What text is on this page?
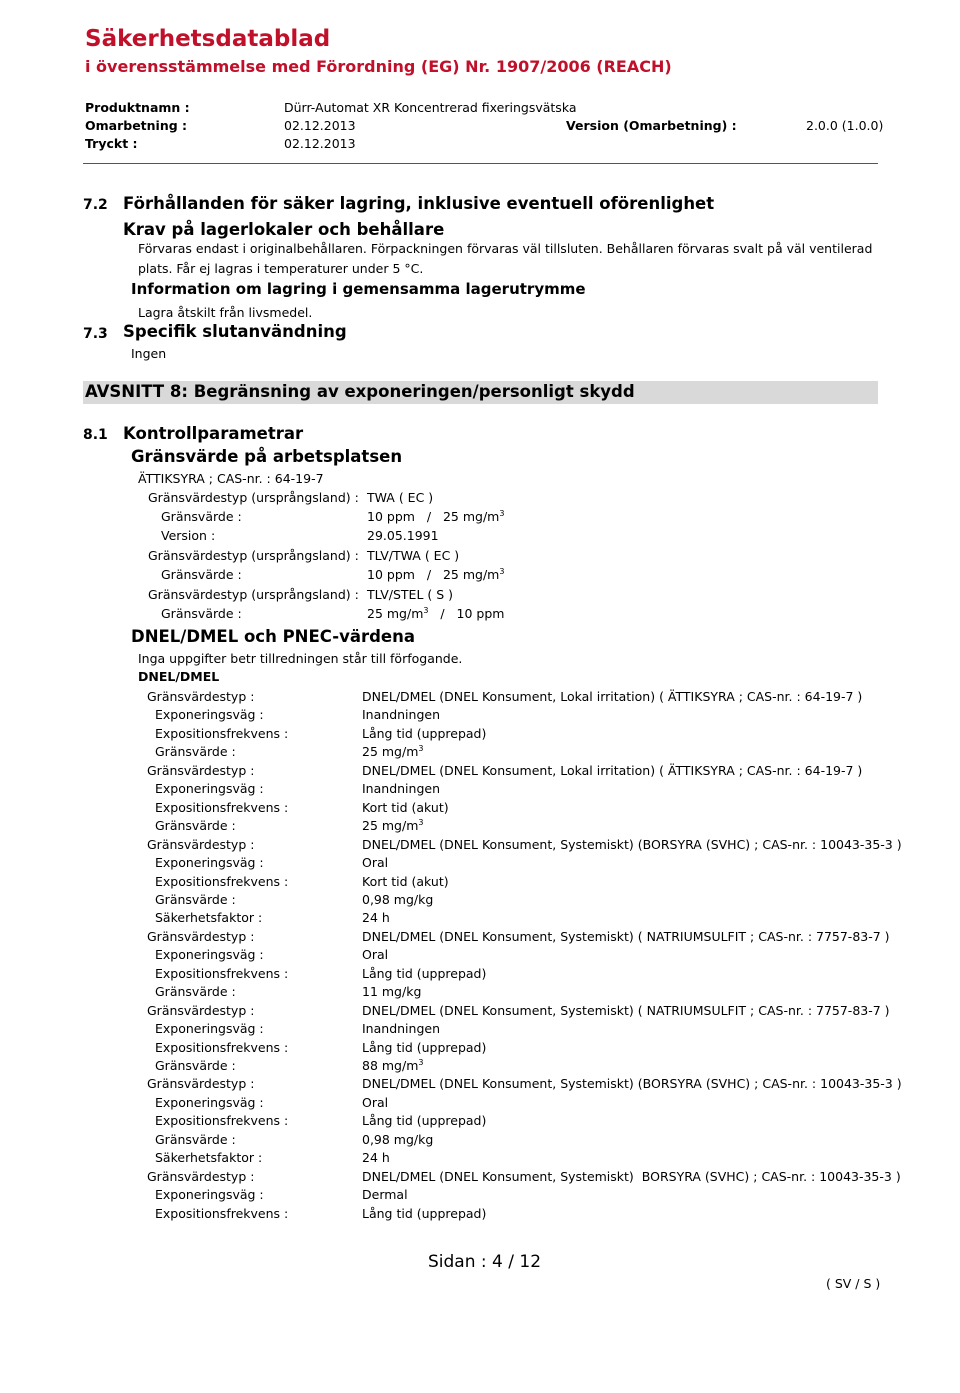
Säkerhetsdatablad
i överensstämmelse med Förordning (EG) Nr. 1907/2006 (REACH)
Produktnamn :	Dürr-Automat XR Koncentrerad fixeringsvätska
Omarbetning :	02.12.2013	Version (Omarbetning) :	2.0.0 (1.0.0)
Tryckt :	02.12.2013
7.2 Förhållanden för säker lagring, inklusive eventuell oförenlighet
Krav på lagerlokaler och behållare
Förvaras endast i originalbehållaren. Förpackningen förvaras väl tillsluten. Behållaren förvaras svalt på väl ventilerad
plats. Får ej lagras i temperaturer under 5 °C.
Information om lagring i gemensamma lagerutrymme
Lagra åtskilt från livsmedel.
7.3 Specifik slutanvändning
Ingen
AVSNITT 8: Begränsning av exponeringen/personligt skydd
8.1 Kontrollparametrar
Gränsvärde på arbetsplatsen
ÄTTIKSYRA ; CAS-nr. : 64-19-7
Gränsvärdestyp (ursprångsland) : TWA ( EC )
Gränsvärde :	10 ppm   /   25 $mg/m^3$
Version :	29.05.1991
Gränsvärdestyp (ursprångsland) : TLV/TWA ( EC )
Gränsvärde :	10 ppm   /   25 $mg/m^3$
Gränsvärdestyp (ursprångsland) : TLV/STEL ( S )
Gränsvärde :	25 $mg/m^3 / 10$ ppm
DNEL/DMEL och PNEC-värdena
Inga uppgifter betr tillredningen står till förfogande.
DNEL/DMEL
Gränsvärdestyp :	DNEL/DMEL (DNEL Konsument, Lokal irritation) ( ÄTTIKSYRA ; CAS-nr. : 64-19-7 )
Exponeringsväg :	Inandningen
Expositionsfrekvens :	Lång tid (upprepad)
Gränsvärde :	25 $mg/m^3$
Gränsvärdestyp :	DNEL/DMEL (DNEL Konsument, Lokal irritation) ( ÄTTIKSYRA ; CAS-nr. : 64-19-7 )
Exponeringsväg :	Inandningen
Expositionsfrekvens :	Kort tid (akut)
Gränsvärde :	25 $mg/m^3$
Gränsvärdestyp :	DNEL/DMEL (DNEL Konsument, Systemiskt) (BORSYRA (SVHC) ; CAS-nr. : 10043-35-3 )
Exponeringsväg :	Oral
Expositionsfrekvens :	Kort tid (akut)
Gränsvärde :	0,98 mg/kg
Säkerhetsfaktor :	24 h
Gränsvärdestyp :	DNEL/DMEL (DNEL Konsument, Systemiskt) ( NATRIUMSULFIT ; CAS-nr. : 7757-83-7 )
Exponeringsväg :	Oral
Expositionsfrekvens :	Lång tid (upprepad)
Gränsvärde :	11 mg/kg
Gränsvärdestyp :	DNEL/DMEL (DNEL Konsument, Systemiskt) ( NATRIUMSULFIT ; CAS-nr. : 7757-83-7 )
Exponeringsväg :	Inandningen
Expositionsfrekvens :	Lång tid (upprepad)
Gränsvärde :	88 $mg/m^3$
Gränsvärdestyp :	DNEL/DMEL (DNEL Konsument, Systemiskt) (BORSYRA (SVHC) ; CAS-nr. : 10043-35-3 )
Exponeringsväg :	Oral
Expositionsfrekvens :	Lång tid (upprepad)
Gränsvärde :	0,98 mg/kg
Säkerhetsfaktor :	24 h
Gränsvärdestyp :	DNEL/DMEL (DNEL Konsument, Systemiskt)  BORSYRA (SVHC) ; CAS-nr. : 10043-35-3 )
Exponeringsväg :	Dermal
Expositionsfrekvens :	Lång tid (upprepad)
Sidan : 4 / 12
( SV / S )
